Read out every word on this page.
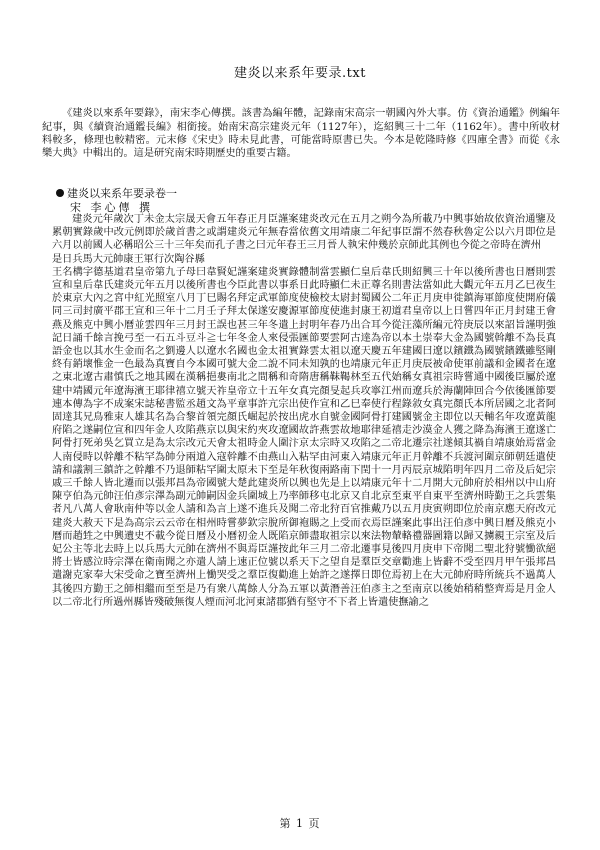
建炎以来系年要录.txt

《建炎以來系年要錄》，南宋李心傳撰。該書為編年體，記錄南宋高宗一朝國內外大事。仿《資治通鑑》例編年紀事，與《續資治通鑑長編》相銜接。始南宋高宗建炎元年（1127年），迄紹興三十二年（1162年）。書中所收材料較多，條理也較精密。元末修《宋史》時未見此書，可能當時原書已失。今本是乾隆時修《四庫全書》而從《永樂大典》中輯出的。這是研究南宋時期歷史的重要古籍。

建炎以来系年要录卷一
宋 李心傳 撰

建炎元年歲次丁未金太宗晟天會五年春正月臣謹案建炎改元在五月之朔今為所載乃中興事始故依資治通鑒及累朝實錄歲中改元例即於歲首書之或謂建炎元年無春當依舊文用靖康二年紀事臣謂不然春秋魯定公以六月即位是六月以前國人必稱昭公三十三年矣而孔子書之曰元年春王三月晉人執宋仲幾於京師此其例也今從之帝時在濟州

是日兵馬大元帥康王軍行次陶谷縣

王名構字德基道君皇帝第九子母曰韋賢妃謹案建炎實錄體制當雲顯仁皇后韋氏則紹興三十年以後所書也日曆則雲宣和皇后韋氏建炎元年五月以後所書也今臣此書以事系日此時顯仁未正尊名則書法當如此大觀元年五月乙巳夜生於東京大內之宮中紅光照室八月丁巳賜名拜定武軍節度使檢校太尉封蜀國公二年正月庚申徙鎮海軍節度使開府儀同三司封廣平郡王宣和三年十二月壬子拜太保遂安慶源軍節度使進封康王初道君皇帝以上日嘗四年正月封建王會燕及熊克中興小曆並雲四年三月封王誤也甚三年冬遣上封明年春乃出合耳今從汪藻所編元符庚辰以來詔旨謹明強記日誦千餘言挽弓至一石五斗豆斗≧七年冬金人來侵張匯節要雲阿古達為帝以本土崇奉大金為國號斡離不為長真語金也以其水生金而名之劉邊人以遼水名國也金太祖實錄雲太祖以遼天慶五年建國曰遼以鑌鐵為國號鑌鐵雖堅剛終有銷壞惟金一色最為真寶自今本國可號大金二說不同未知孰的也靖康元年正月庚辰被命使軍前議和金國者在遼之東北遼古肅慎氏之地其國在漢稱挹婁南北之間稱和奇隋唐稱靺鞨林至五代始稱女真祖宗時嘗通中國後臣屬於遼建中靖國元年遼海濱王耶律禧立號天祚皇帝立十五年女真完顏旻起兵攻寧江州而遼兵於海蘭陣回合今依後匯節要連本傳為字不成案宋誌秘書監丞趙文為平章事許亢宗出使作宣和乙巳奉使行程錄敘女真完顏氏本所居國之北者阿固達其兄鳥雅束人雄其名為合黎首領完顏氏崛起於按出虎水自號金國阿骨打建國號金主即位以天輔名年攻遼黃龍府陷之遂嗣位宣和四年金人攻陷燕京以與宋約夾攻遼國故許燕雲故地耶律延禧走沙漠金人獲之降為海濱王遼遂亡阿骨打死弟吳乞買立是為太宗改元天會太祖時金人圍汴京太宗時又攻陷之二帝北遷宗社遂傾其禍自靖康始焉當金人南侵時以幹離不粘罕為帥分兩道入寇幹離不由燕山入粘罕由河東入靖康元年正月幹離不兵渡河圍京師朝廷遣使請和議割三鎮許之幹離不乃退師粘罕圍太原未下至是年秋復兩路南下閏十一月丙辰京城陷明年四月二帝及后妃宗戚三千餘人皆北遷而以張邦昌為帝國號大楚此建炎所以興也先是上以靖康元年十二月開大元帥府於相州以中山府陳亨伯為元帥汪伯彥宗澤為副元帥嗣因金兵圍城上乃率師移屯北京又自北京至東平自東平至濟州時勤王之兵雲集者凡八萬人會耿南仲等以金人請和為言上遂不進兵及聞二帝北狩百官推戴乃以五月庚寅朔即位於南京應天府改元建炎大赦天下是為高宗云云帝在相州時嘗夢欽宗脫所御袍賜之上受而衣焉臣謹案此事出汪伯彥中興日曆及熊克小曆而趙甡之中興遺史不載今從日曆及小曆初金人既陷京師盡取祖宗以來法物輦輅禮器圖籍以歸又擄親王宗室及后妃公主等北去時上以兵馬大元帥在濟州不與焉臣謹按此年三月二帝北遷事見後四月庚申下帝聞二聖北狩號慟欲絕將士皆感泣時宗澤在衛南聞之亦遣人請上速正位號以系天下之望自是羣臣交章勸進上皆辭不受至四月甲午張邦昌遣謝克家奉大宋受命之寶至濟州上慟哭受之羣臣復勸進上始許之遂擇日即位焉初上在大元帥府時所統兵不過萬人其後四方勤王之師相繼而至至是乃有衆八萬餘人分為五軍以黃潛善汪伯彥主之至南京以後始稍稍整齊焉是月金人以二帝北行所過州縣皆殘破無復人煙而河北河東諸郡猶有堅守不下者上皆遣使撫諭之

第 1 页
